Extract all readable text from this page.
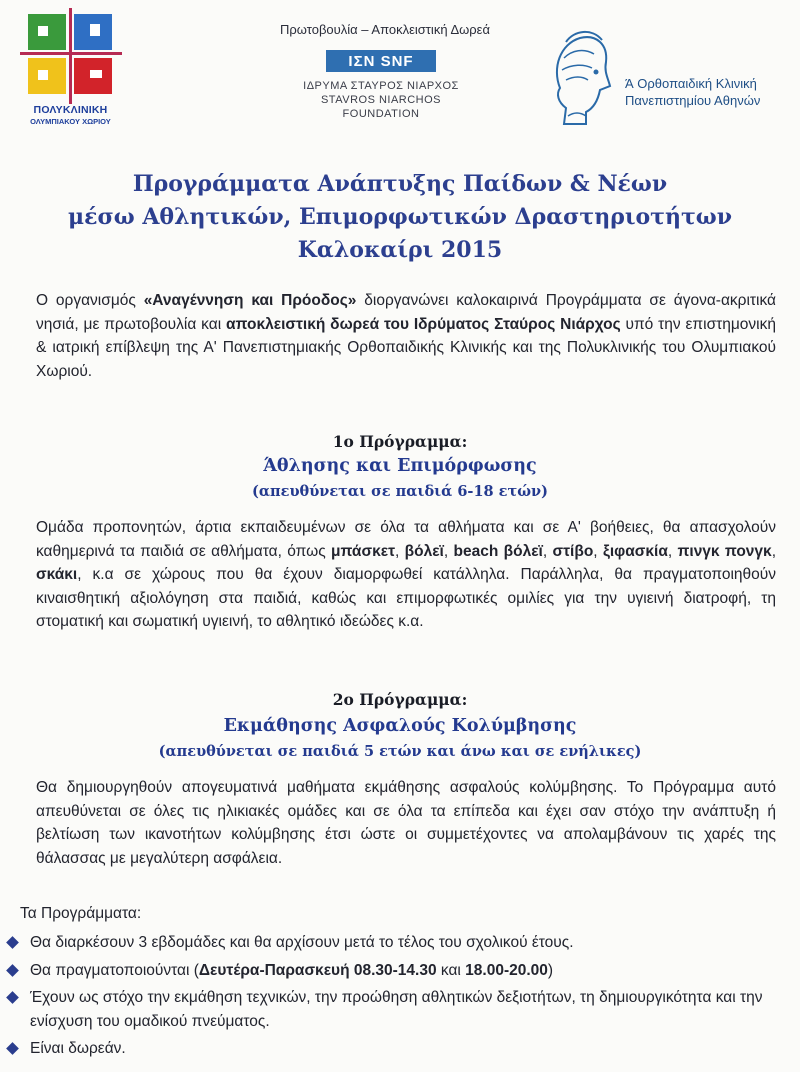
ΠΟΛΥΚΛΙΝΙΚΗ
ΟΛΥΜΠΙΑΚΟΥ ΧΩΡΙΟΥ
Πρωτοβουλία – Αποκλειστική Δωρεά
ΙΣΝ SNF
ΙΔΡΥΜΑ ΣΤΑΥΡΟΣ ΝΙΑΡΧΟΣ
STAVROS NIARCHOS
FOUNDATION
Ά Ορθοπαιδική Κλινική
Πανεπιστημίου Αθηνών
Προγράμματα Ανάπτυξης Παίδων & Νέων
μέσω Αθλητικών, Επιμορφωτικών Δραστηριοτήτων
Καλοκαίρι 2015
Ο οργανισμός «Αναγέννηση και Πρόοδος» διοργανώνει καλοκαιρινά Προγράμματα σε άγονα-ακριτικά νησιά, με πρωτοβουλία και αποκλειστική δωρεά του Ιδρύματος Σταύρος Νιάρχος υπό την επιστημονική & ιατρική επίβλεψη της Α' Πανεπιστημιακής Ορθοπαιδικής Κλινικής και της Πολυκλινικής του Ολυμπιακού Χωριού.
1ο Πρόγραμμα:
Άθλησης και Επιμόρφωσης
(απευθύνεται σε παιδιά 6-18 ετών)
Ομάδα προπονητών, άρτια εκπαιδευμένων σε όλα τα αθλήματα και σε Α' βοήθειες, θα απασχολούν καθημερινά τα παιδιά σε αθλήματα, όπως μπάσκετ, βόλεϊ, beach βόλεϊ, στίβο, ξιφασκία, πινγκ πονγκ, σκάκι, κ.α σε χώρους που θα έχουν διαμορφωθεί κατάλληλα. Παράλληλα, θα πραγματοποιηθούν κιναισθητική αξιολόγηση στα παιδιά, καθώς και επιμορφωτικές ομιλίες για την υγιεινή διατροφή, τη στοματική και σωματική υγιεινή, το αθλητικό ιδεώδες κ.α.
2ο Πρόγραμμα:
Εκμάθησης Ασφαλούς Κολύμβησης
(απευθύνεται σε παιδιά 5 ετών και άνω και σε ενήλικες)
Θα δημιουργηθούν απογευματινά μαθήματα εκμάθησης ασφαλούς κολύμβησης. Το Πρόγραμμα αυτό απευθύνεται σε όλες τις ηλικιακές ομάδες και σε όλα τα επίπεδα και έχει σαν στόχο την ανάπτυξη ή βελτίωση των ικανοτήτων κολύμβησης έτσι ώστε οι συμμετέχοντες να απολαμβάνουν τις χαρές της θάλασσας με μεγαλύτερη ασφάλεια.
Τα Προγράμματα:
Θα διαρκέσουν 3 εβδομάδες και θα αρχίσουν μετά το τέλος του σχολικού έτους.
Θα πραγματοποιούνται (Δευτέρα-Παρασκευή 08.30-14.30 και 18.00-20.00)
Έχουν ως στόχο την εκμάθηση τεχνικών, την προώθηση αθλητικών δεξιοτήτων, τη δημιουργικότητα και την ενίσχυση του ομαδικού πνεύματος.
Είναι δωρεάν.
